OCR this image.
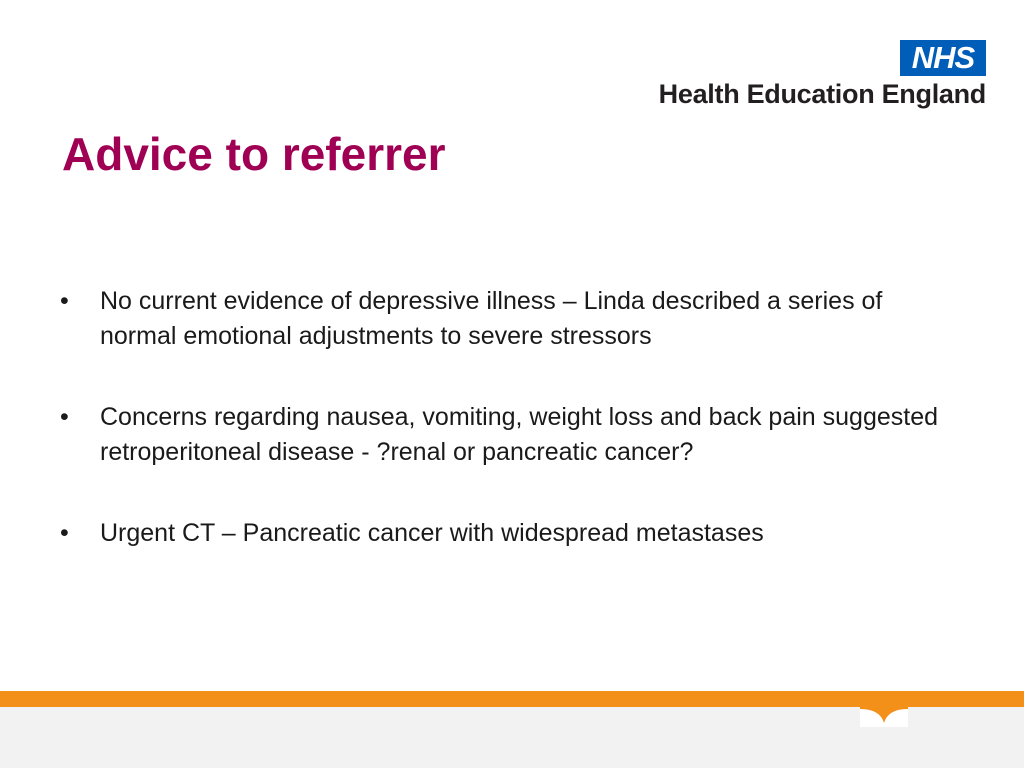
NHS
Health Education England
Advice to referrer
• No current evidence of depressive illness – Linda described a series of normal emotional adjustments to severe stressors
• Concerns regarding nausea, vomiting, weight loss and back pain suggested retroperitoneal disease - ?renal or pancreatic cancer?
• Urgent CT – Pancreatic cancer with widespread metastases
